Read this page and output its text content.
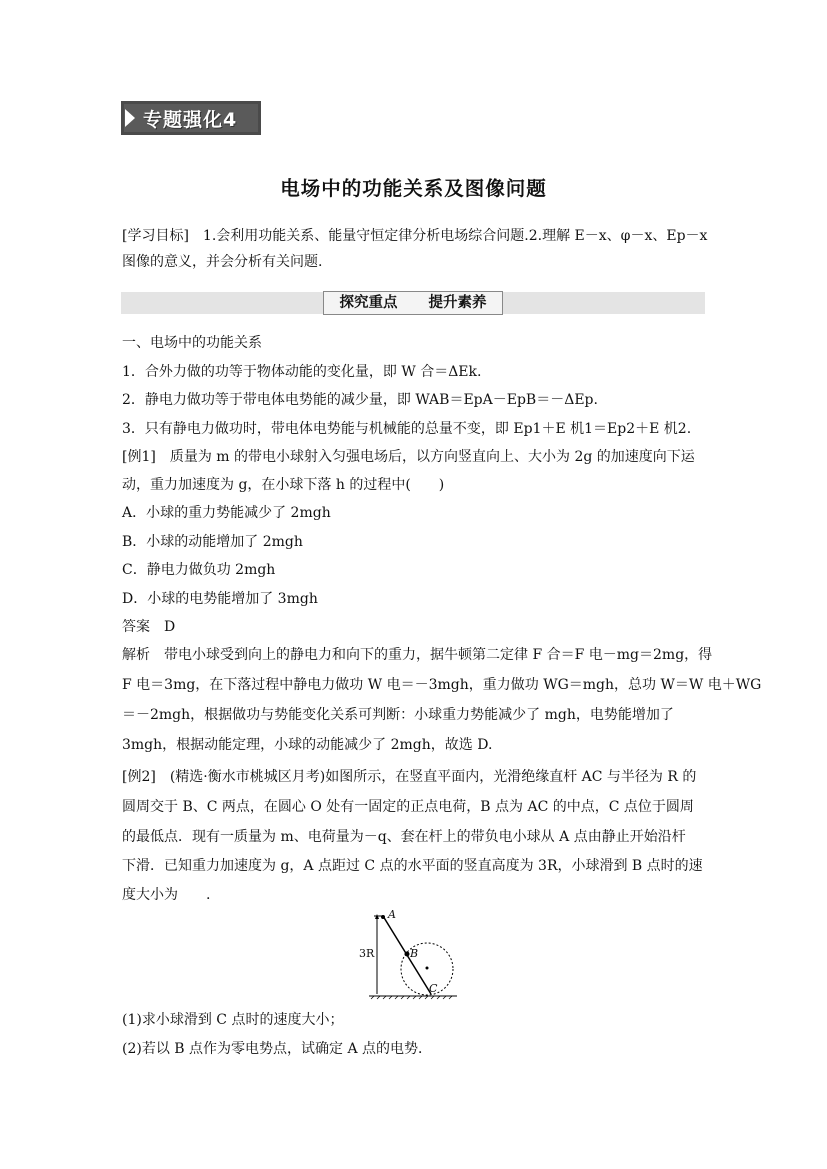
专题强化4
电场中的功能关系及图像问题
[学习目标]　1.会利用功能关系、能量守恒定律分析电场综合问题.2.理解 E－x、φ－x、Ep－x
图像的意义，并会分析有关问题.
探究重点 提升素养
一、电场中的功能关系
1．合外力做的功等于物体动能的变化量，即 W 合＝ΔEk.
2．静电力做功等于带电体电势能的减少量，即 WAB＝EpA－EpB＝－ΔEp.
3．只有静电力做功时，带电体电势能与机械能的总量不变，即 Ep1＋E 机1＝Ep2＋E 机2.
[例1]　质量为 m 的带电小球射入匀强电场后，以方向竖直向上、大小为 2g 的加速度向下运
动，重力加速度为 g，在小球下落 h 的过程中(　　)
A．小球的重力势能减少了 2mgh
B．小球的动能增加了 2mgh
C．静电力做负功 2mgh
D．小球的电势能增加了 3mgh
答案　D
解析　带电小球受到向上的静电力和向下的重力，据牛顿第二定律 F 合＝F 电－mg＝2mg，得
F 电＝3mg，在下落过程中静电力做功 W 电＝－3mgh，重力做功 WG＝mgh，总功 W＝W 电＋WG
＝－2mgh，根据做功与势能变化关系可判断：小球重力势能减少了 mgh，电势能增加了
3mgh，根据动能定理，小球的动能减少了 2mgh，故选 D.
[例2]　(精选·衡水市桃城区月考)如图所示，在竖直平面内，光滑绝缘直杆 AC 与半径为 R 的
圆周交于 B、C 两点，在圆心 O 处有一固定的正点电荷，B 点为 AC 的中点，C 点位于圆周
的最低点．现有一质量为 m、电荷量为－q、套在杆上的带负电小球从 A 点由静止开始沿杆
下滑．已知重力加速度为 g，A 点距过 C 点的水平面的竖直高度为 3R，小球滑到 B 点时的速
度大小为　　.
A
B
C
3R
(1)求小球滑到 C 点时的速度大小；
(2)若以 B 点作为零电势点，试确定 A 点的电势．
